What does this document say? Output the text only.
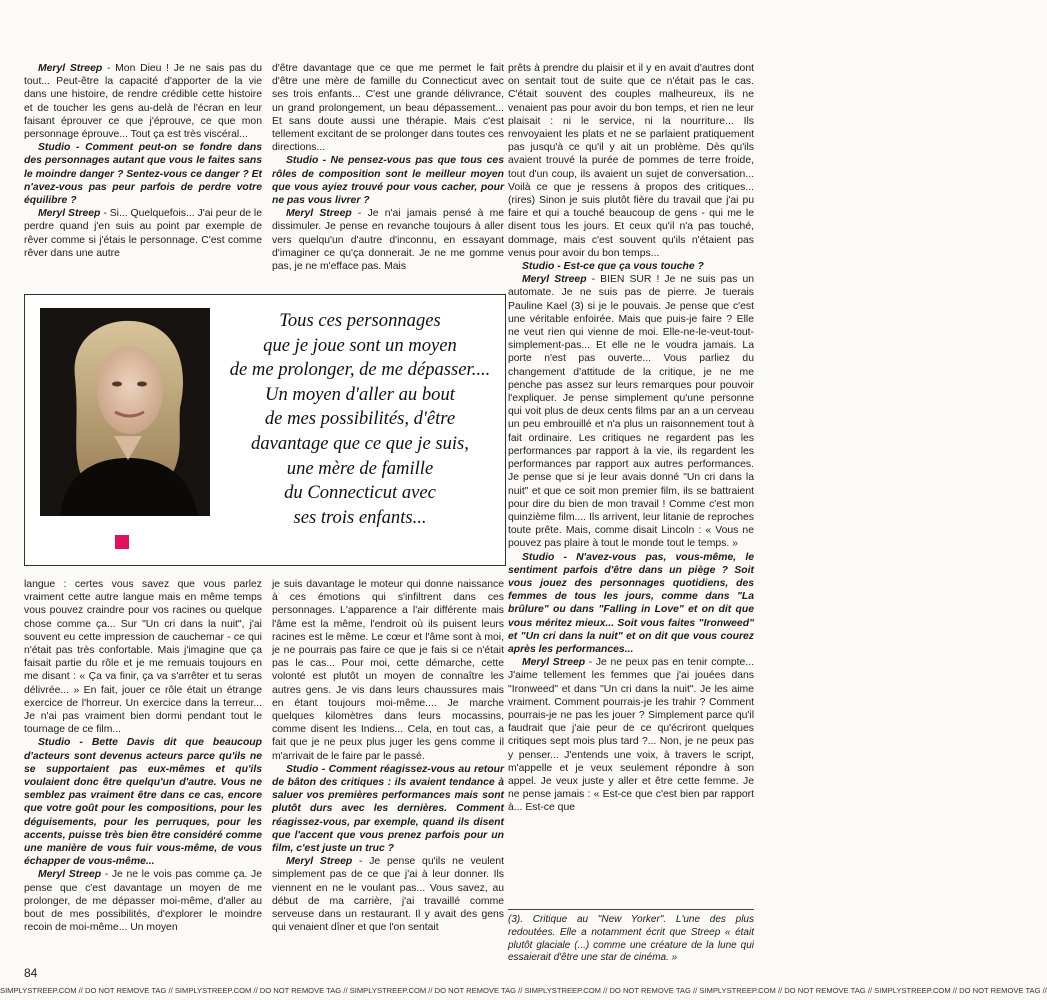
Meryl Streep - Mon Dieu ! Je ne sais pas du tout... Peut-être la capacité d'apporter de la vie dans une histoire, de rendre crédible cette histoire et de toucher les gens au-delà de l'écran en leur faisant éprouver ce que j'éprouve, ce que mon personnage éprouve... Tout ça est très viscéral...

Studio - Comment peut-on se fondre dans des personnages autant que vous le faites sans le moindre danger ? Sentez-vous ce danger ? Et n'avez-vous pas peur parfois de perdre votre équilibre ?

Meryl Streep - Si... Quelquefois... J'ai peur de le perdre quand j'en suis au point par exemple de rêver comme si j'étais le personnage. C'est comme rêver dans une autre

d'être davantage que ce que me permet le fait d'être une mère de famille du Connecticut avec ses trois enfants... C'est une grande délivrance, un grand prolongement, un beau dépassement... Et sans doute aussi une thérapie. Mais c'est tellement excitant de se prolonger dans toutes ces directions...

Studio - Ne pensez-vous pas que tous ces rôles de composition sont le meilleur moyen que vous ayiez trouvé pour vous cacher, pour ne pas vous livrer ?

Meryl Streep - Je n'ai jamais pensé à me dissimuler. Je pense en revanche toujours à aller vers quelqu'un d'autre d'inconnu, en essayant d'imaginer ce qu'ça donnerait. Je ne me gomme pas, je ne m'efface pas. Mais

prêts à prendre du plaisir et il y en avait d'autres dont on sentait tout de suite que ce n'était pas le cas. C'était souvent des couples malheureux, ils ne venaient pas pour avoir du bon temps, et rien ne leur plaisait : ni le service, ni la nourriture... Ils renvoyaient les plats et ne se parlaient pratiquement pas jusqu'à ce qu'il y ait un problème. Dès qu'ils avaient trouvé la purée de pommes de terre froide, tout d'un coup, ils avaient un sujet de conversation... Voilà ce que je ressens à propos des critiques... (rires) Sinon je suis plutôt fière du travail que j'ai pu faire et qui a touché beaucoup de gens - qui me le disent tous les jours. Et ceux qu'il n'a pas touché, dommage, mais c'est souvent qu'ils n'étaient pas venus pour avoir du bon temps...

Studio - Est-ce que ça vous touche ?

Meryl Streep - BIEN SUR ! Je ne suis pas un automate. Je ne suis pas de pierre. Je tuerais Pauline Kael (3) si je le pouvais. Je pense que c'est une véritable enfoirée. Mais que puis-je faire ? Elle ne veut rien qui vienne de moi. Elle-ne-le-veut-tout-simplement-pas... Et elle ne le voudra jamais. La porte n'est pas ouverte... Vous parliez du changement d'attitude de la critique, je ne me penche pas assez sur leurs remarques pour pouvoir l'expliquer. Je pense simplement qu'une personne qui voit plus de deux cents films par an a un cerveau un peu embrouillé et n'a plus un raisonnement tout à fait ordinaire. Les critiques ne regardent pas les performances par rapport à la vie, ils regardent les performances par rapport aux autres performances. Je pense que si je leur avais donné "Un cri dans la nuit" et que ce soit mon premier film, ils se battraient pour dire du bien de mon travail ! Comme c'est mon quinzième film.... Ils arrivent, leur litanie de reproches toute prête. Mais, comme disait Lincoln : « Vous ne pouvez pas plaire à tout le monde tout le temps. »

Studio - N'avez-vous pas, vous-même, le sentiment parfois d'être dans un piège ? Soit vous jouez des personnages quotidiens, des femmes de tous les jours, comme dans "La brûlure" ou dans "Falling in Love" et on dit que vous méritez mieux... Soit vous faites "Ironweed" et "Un cri dans la nuit" et on dit que vous courez après les performances...

Meryl Streep - Je ne peux pas en tenir compte... J'aime tellement les femmes que j'ai jouées dans "Ironweed" et dans "Un cri dans la nuit". Je les aime vraiment. Comment pourrais-je les trahir ? Comment pourrais-je ne pas les jouer ? Simplement parce qu'il faudrait que j'aie peur de ce qu'écriront quelques critiques sept mois plus tard ?... Non, je ne peux pas y penser... J'entends une voix, à travers le script, m'appelle et je veux seulement répondre à son appel. Je veux juste y aller et être cette femme. Je ne pense jamais : « Est-ce que c'est bien par rapport à... Est-ce que

Tous ces personnages
que je joue sont un moyen
de me prolonger, de me dépasser....
Un moyen d'aller au bout
de mes possibilités, d'être
davantage que ce que je suis,
une mère de famille
du Connecticut avec
ses trois enfants...

langue : certes vous savez que vous parlez vraiment cette autre langue mais en même temps vous pouvez craindre pour vos racines ou quelque chose comme ça... Sur "Un cri dans la nuit", j'ai souvent eu cette impression de cauchemar - ce qui n'était pas très confortable. Mais j'imagine que ça faisait partie du rôle et je me remuais toujours en me disant : « Ça va finir, ça va s'arrêter et tu seras délivrée... » En fait, jouer ce rôle était un étrange exercice de l'horreur. Un exercice dans la terreur... Je n'ai pas vraiment bien dormi pendant tout le tournage de ce film...

Studio - Bette Davis dit que beaucoup d'acteurs sont devenus acteurs parce qu'ils ne se supportaient pas eux-mêmes et qu'ils voulaient donc être quelqu'un d'autre. Vous ne semblez pas vraiment être dans ce cas, encore que votre goût pour les compositions, pour les déguisements, pour les perruques, pour les accents, puisse très bien être considéré comme une manière de vous fuir vous-même, de vous échapper de vous-même...

Meryl Streep - Je ne le vois pas comme ça. Je pense que c'est davantage un moyen de me prolonger, de me dépasser moi-même, d'aller au bout de mes possibilités, d'explorer le moindre recoin de moi-même... Un moyen

je suis davantage le moteur qui donne naissance à ces émotions qui s'infiltrent dans ces personnages. L'apparence a l'air différente mais l'âme est la même, l'endroit où ils puisent leurs racines est le même. Le cœur et l'âme sont à moi, je ne pourrais pas faire ce que je fais si ce n'était pas le cas... Pour moi, cette démarche, cette volonté est plutôt un moyen de connaître les autres gens. Je vis dans leurs chaussures mais en étant toujours moi-même.... Je marche quelques kilomètres dans leurs mocassins, comme disent les Indiens... Cela, en tout cas, a fait que je ne peux plus juger les gens comme il m'arrivait de le faire par le passé.

Studio - Comment réagissez-vous au retour de bâton des critiques : ils avaient tendance à saluer vos premières performances mais sont plutôt durs avec les dernières. Comment réagissez-vous, par exemple, quand ils disent que l'accent que vous prenez parfois pour un film, c'est juste un truc ?

Meryl Streep - Je pense qu'ils ne veulent simplement pas de ce que j'ai à leur donner. Ils viennent en ne le voulant pas... Vous savez, au début de ma carrière, j'ai travaillé comme serveuse dans un restaurant. Il y avait des gens qui venaient dîner et que l'on sentait

(3). Critique au "New Yorker". L'une des plus redoutées. Elle a notamment écrit que Streep « était plutôt glaciale (...) comme une créature de la lune qui essaierait d'être une star de cinéma. »
84
SIMPLYSTREEP.COM // DO NOT REMOVE TAG // SIMPLYSTREEP.COM // DO NOT REMOVE TAG // SIMPLYSTREEP.COM // DO NOT REMOVE TAG // SIMPLYSTREEP.COM // DO NOT REMOVE TAG // SIMPLYSTREEP.COM // DO NOT REMOVE TAG // SIMPLYSTREEP.COM // DO NOT REMOVE TAG //
